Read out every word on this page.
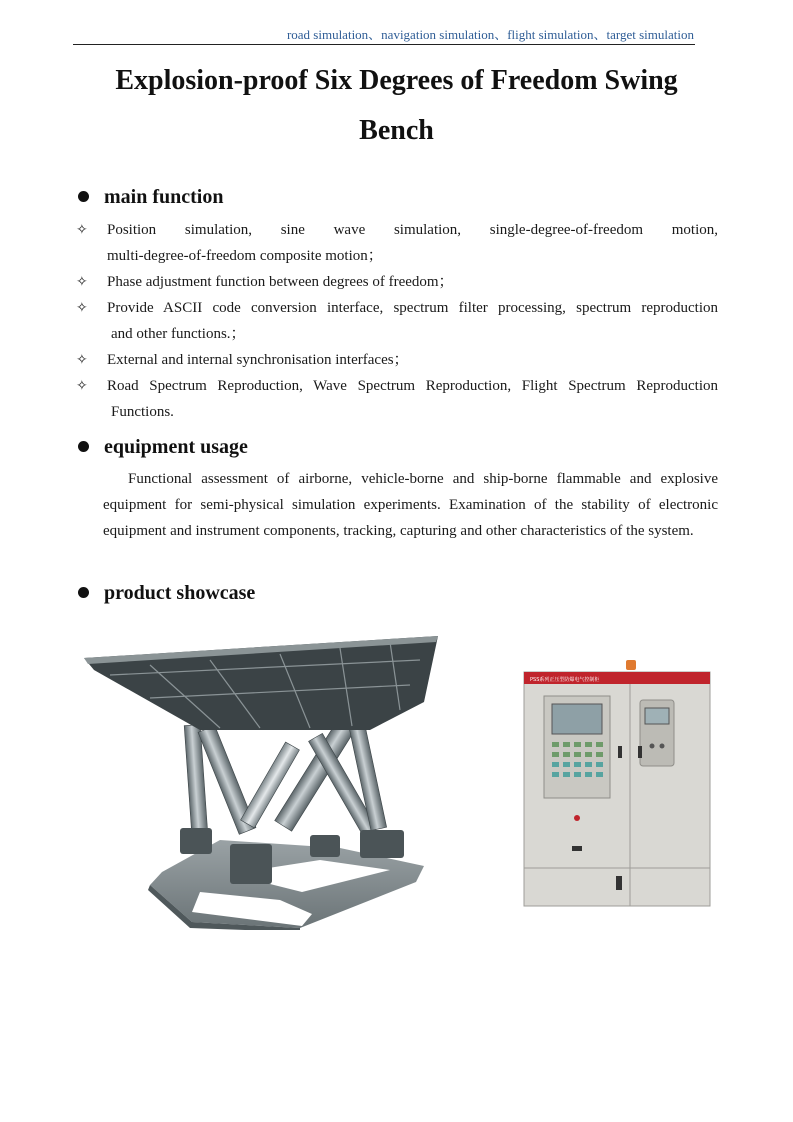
road simulation、navigation simulation、flight simulation、target simulation
Explosion-proof Six Degrees of Freedom Swing
Bench
main function
✧ Position simulation, sine wave simulation, single-degree-of-freedom motion,
multi-degree-of-freedom composite motion；
✧ Phase adjustment function between degrees of freedom；
✧ Provide ASCII code conversion interface, spectrum filter processing, spectrum reproduction
and other functions.；
✧ External and internal synchronisation interfaces；
✧ Road Spectrum Reproduction, Wave Spectrum Reproduction, Flight Spectrum Reproduction
Functions.
equipment usage
Functional assessment of airborne, vehicle-borne and ship-borne flammable and explosive equipment for semi-physical simulation experiments. Examination of the stability of electronic equipment and instrument components, tracking, capturing and other characteristics of the system.
product showcase
PSS系列正压型防爆电气控制柜
